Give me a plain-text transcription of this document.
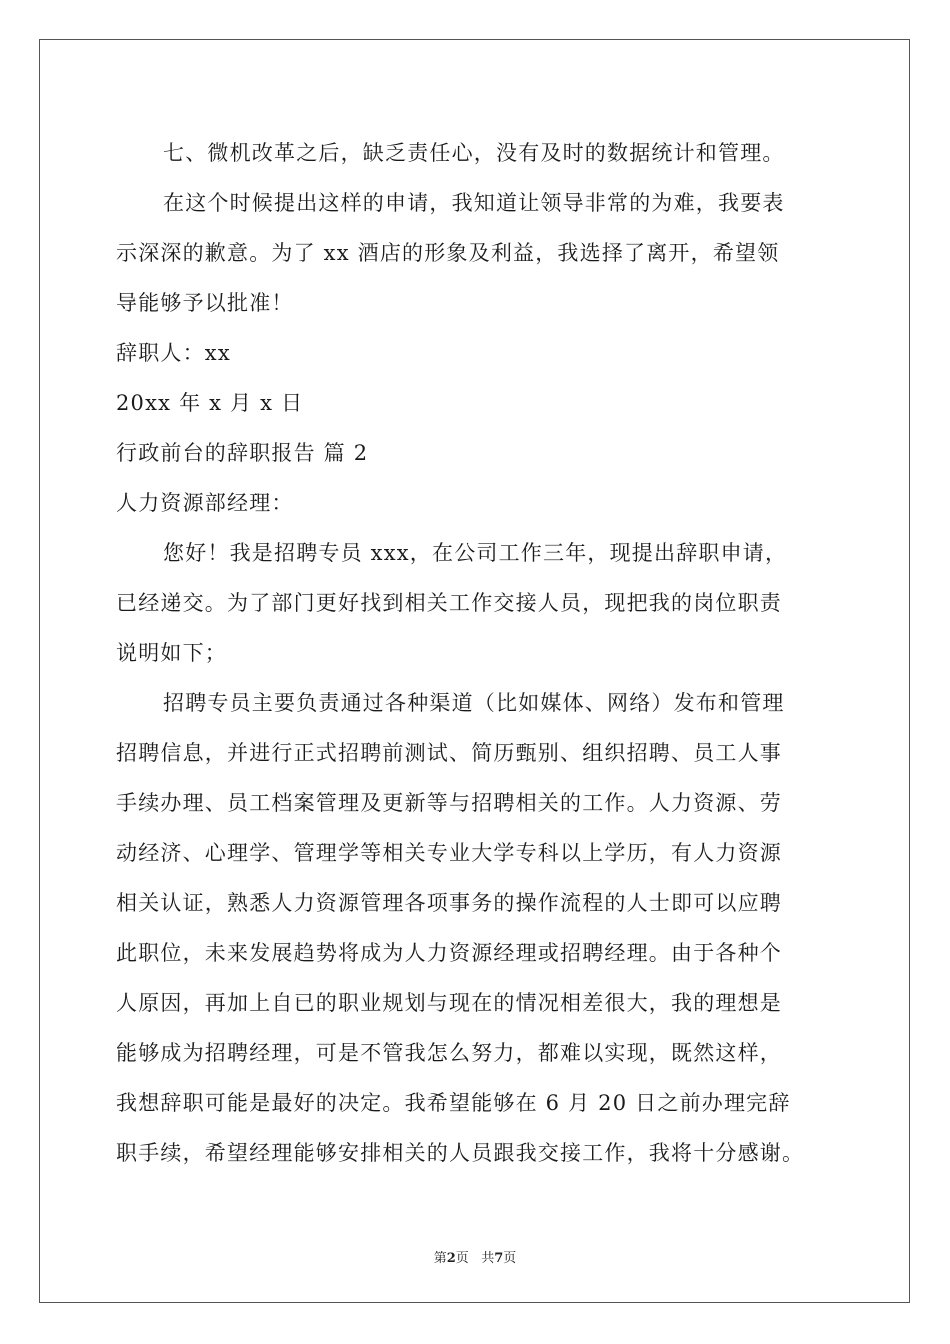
七、微机改革之后，缺乏责任心，没有及时的数据统计和管理。
在这个时候提出这样的申请，我知道让领导非常的为难，我要表
示深深的歉意。为了 xx 酒店的形象及利益，我选择了离开，希望领
导能够予以批准！
辞职人：xx
20xx 年 x 月 x 日
行政前台的辞职报告 篇 2
人力资源部经理：
您好！我是招聘专员 xxx，在公司工作三年，现提出辞职申请，
已经递交。为了部门更好找到相关工作交接人员，现把我的岗位职责
说明如下；
招聘专员主要负责通过各种渠道（比如媒体、网络）发布和管理
招聘信息，并进行正式招聘前测试、简历甄别、组织招聘、员工人事
手续办理、员工档案管理及更新等与招聘相关的工作。人力资源、劳
动经济、心理学、管理学等相关专业大学专科以上学历，有人力资源
相关认证，熟悉人力资源管理各项事务的操作流程的人士即可以应聘
此职位，未来发展趋势将成为人力资源经理或招聘经理。由于各种个
人原因，再加上自已的职业规划与现在的情况相差很大，我的理想是
能够成为招聘经理，可是不管我怎么努力，都难以实现，既然这样，
我想辞职可能是最好的决定。我希望能够在 6 月 20 日之前办理完辞
职手续，希望经理能够安排相关的人员跟我交接工作，我将十分感谢。
第2页 共7页
